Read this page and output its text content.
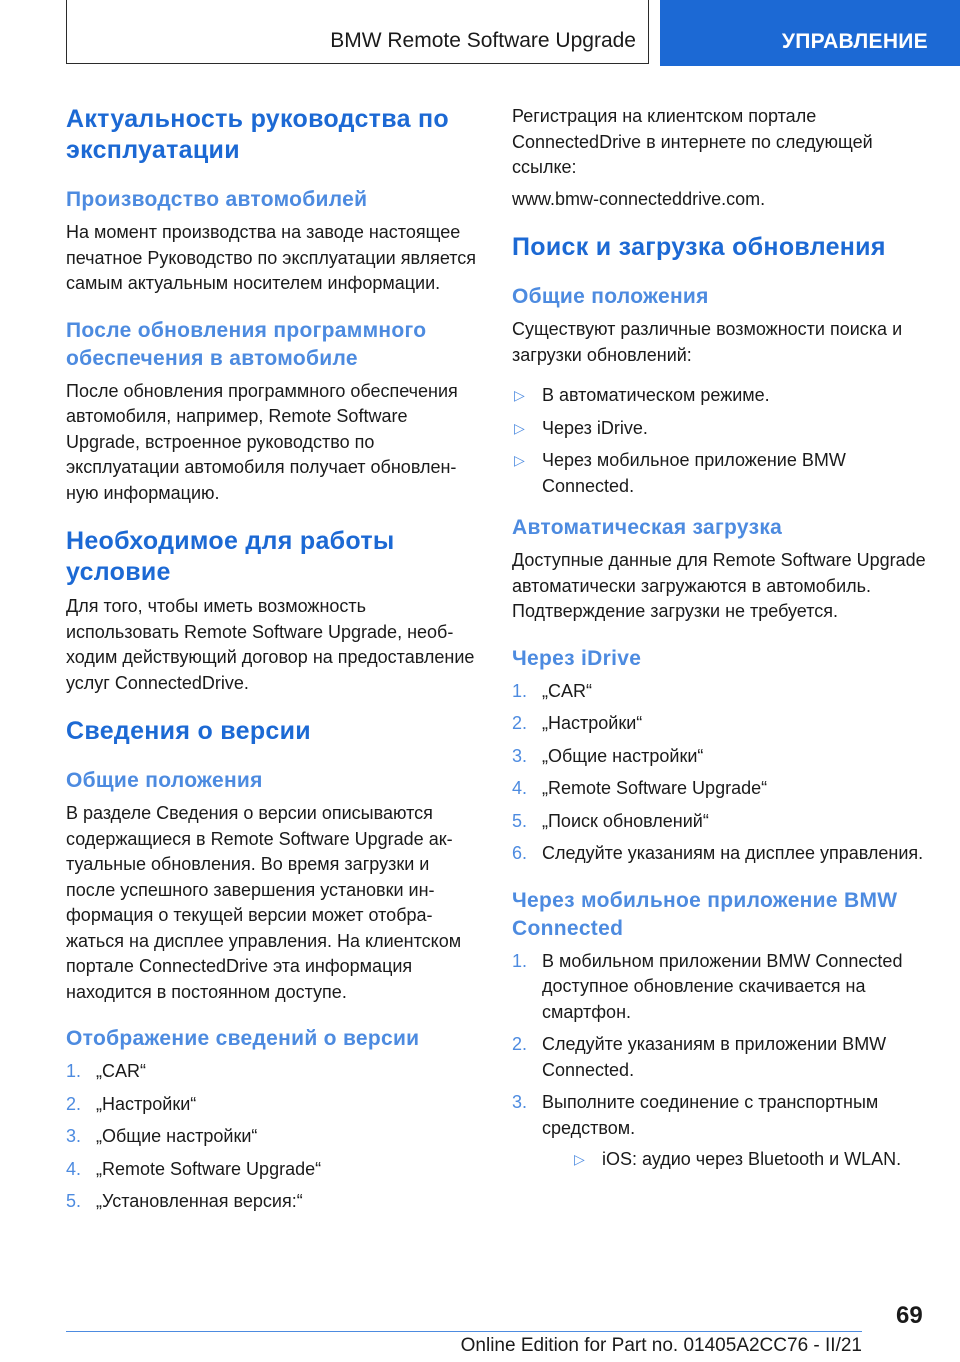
BMW Remote Software Upgrade	УПРАВЛЕНИЕ
Актуальность руководства по эксплуатации
Производство автомобилей
На момент производства на заводе настоящее печатное Руководство по эксплуатации является самым актуальным носителем информации.
После обновления программного обеспечения в автомобиле
После обновления программного обеспечения автомобиля, например, Remote Software Upgrade, встроенное руководство по эксплуатации автомобиля получает обновленную информацию.
Необходимое для работы условие
Для того, чтобы иметь возможность использовать Remote Software Upgrade, необходим действующий договор на предоставление услуг ConnectedDrive.
Сведения о версии
Общие положения
В разделе Сведения о версии описываются содержащиеся в Remote Software Upgrade актуальные обновления. Во время загрузки и после успешного завершения установки информация о текущей версии может отображаться на дисплее управления. На клиентском портале ConnectedDrive эта информация находится в постоянном доступе.
Отображение сведений о версии
1. „CAR“
2. „Настройки“
3. „Общие настройки“
4. „Remote Software Upgrade“
5. „Установленная версия:“
Регистрация на клиентском портале ConnectedDrive в интернете по следующей ссылке:
www.bmw-connecteddrive.com.
Поиск и загрузка обновления
Общие положения
Существуют различные возможности поиска и загрузки обновлений:
▷ В автоматическом режиме.
▷ Через iDrive.
▷ Через мобильное приложение BMW Connected.
Автоматическая загрузка
Доступные данные для Remote Software Upgrade автоматически загружаются в автомобиль. Подтверждение загрузки не требуется.
Через iDrive
1. „CAR“
2. „Настройки“
3. „Общие настройки“
4. „Remote Software Upgrade“
5. „Поиск обновлений“
6. Следуйте указаниям на дисплее управления.
Через мобильное приложение BMW Connected
1. В мобильном приложении BMW Connected доступное обновление скачивается на смартфон.
2. Следуйте указаниям в приложении BMW Connected.
3. Выполните соединение с транспортным средством.
▷ iOS: аудио через Bluetooth и WLAN.
69
Online Edition for Part no. 01405A2CC76 - II/21
